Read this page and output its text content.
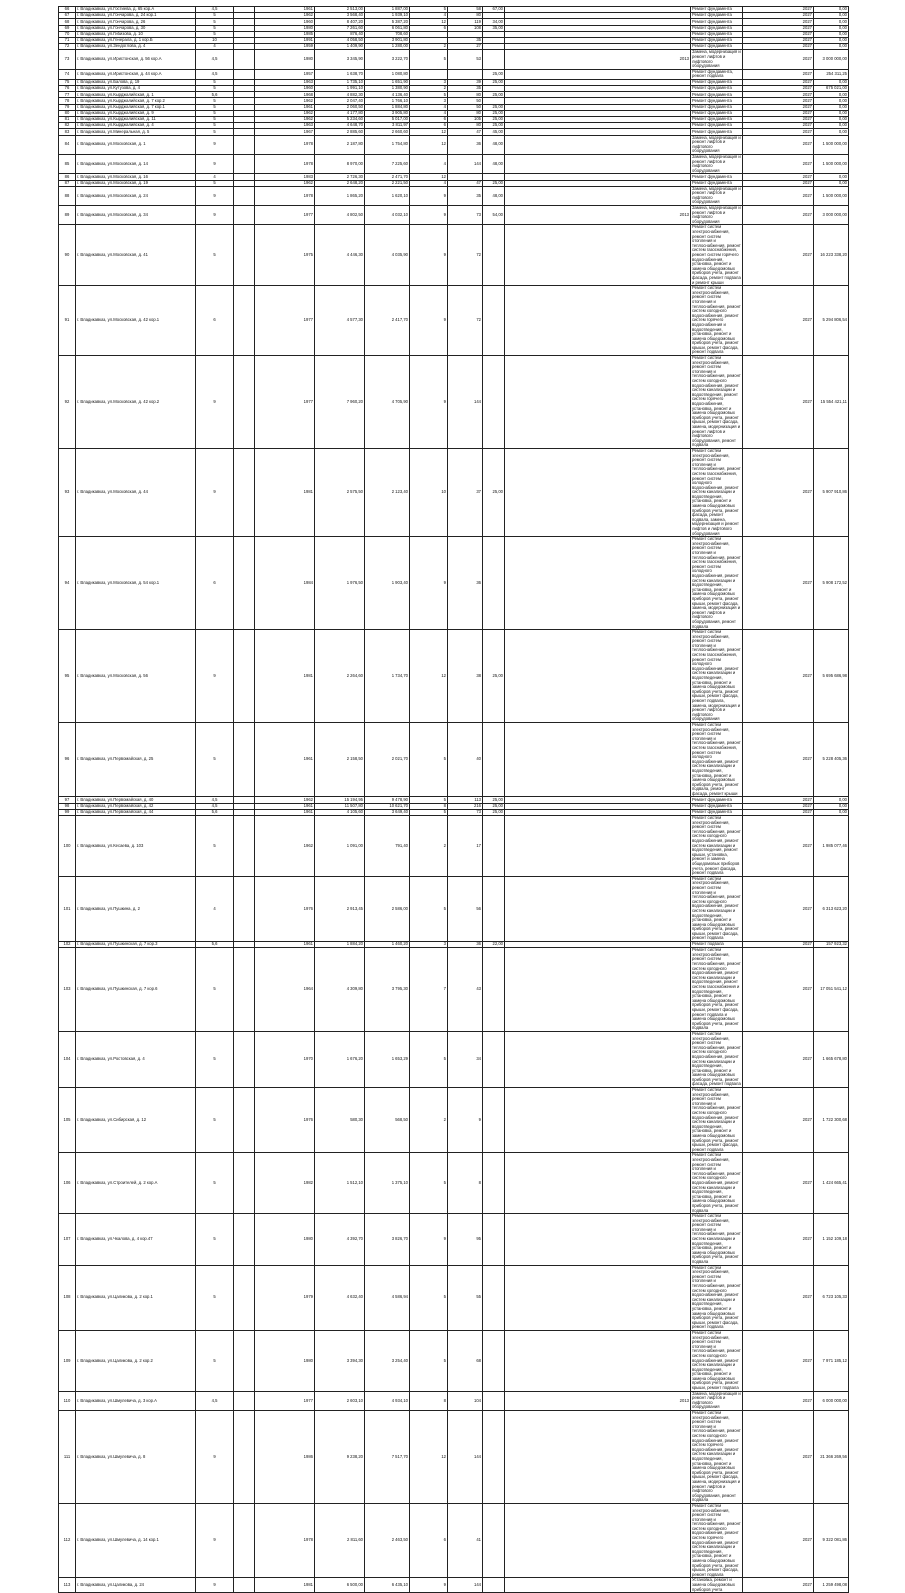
66	г. Владикавказ, ул.Гостиева, д. 65 кор.А	4,5		1961	2 513,00	1 887,00	5	58	67,00		Ремонт фундамента	2027	0,00
67	г. Владикавказ, ул.Гончарова, д. 24 кор.1	5		1962	3 568,40	1 939,10	4	80			Ремонт фундамента	2027	0,00
68	г. Владикавказ, ул.Гончарова, д. 26	5		1960	8 407,20	5 387,20	12	119	34,00		Ремонт фундамента	2027	0,00
69	г. Владикавказ, ул.Гончарова, д. 30	5		1980	7 261,60	6 061,80	6	108	35,00		Ремонт фундамента	2027	0,00
70	г. Владикавказ, ул.Гибизова, д. 10	5		1985	876,40	708,60					Ремонт фундамента	2027	0,00
71	г. Владикавказ, ул.Генерала, д. 1 кор.Б	10		1991	4 058,50	3 901,80		35			Ремонт фундамента	2027	0,00
72	г. Владикавказ, ул.Зендоглова, д. 4	4		1959	1 409,90	1 280,00	2	27			Ремонт фундамента	2027	0,00
73	г. Владикавказ, ул.Иристонская, д. 56 кор.А	4,5		1980	3 345,90	3 222,70	5	53		2013	Замена, модернизация и ремонт лифтов и лифтового оборудования	2027	3 000 000,00
74	г. Владикавказ, ул.Иристонская, д. 44 кор.А	4,5		1957	1 638,70	1 080,80			25,00		Ремонт фундамента, ремонт подвала	2027	254 311,25
75	г. Владикавказ, ул.Балова, д. 19	5		1963	1 735,10	1 651,90	3	39	25,00		Ремонт фундамента	2027	0,00
76	г. Владикавказ, ул.Кутузова, д. 4	5		1960	1 991,10	1 380,90	2	35			Ремонт фундамента	2027	675 021,00
77	г. Владикавказ, ул.Кырджалийская, д. 1	5,6		1968	4 882,30	4 136,40	5	80	25,00		Ремонт фундамента	2027	0,00
78	г. Владикавказ, ул.Кырджалийская, д. 7 кор.2	5		1962	2 047,40	1 766,10	3	50			Ремонт фундамента	2027	0,00
79	г. Владикавказ, ул.Кырджалийская, д. 7 кор.1	5		1961	2 060,50	1 884,80	4	50	25,00		Ремонт фундамента	2027	0,00
80	г. Владикавказ, ул.Кырджалийская, д. 9	5		1962	4 177,80	3 905,80	4	80	25,00		Ремонт фундамента	2027	0,00
81	г. Владикавказ, ул.Кырджалийская, д. 11	5		1962	5 234,60	5 017,00	6	105	25,00		Ремонт фундамента	2027	0,00
82	г. Владикавказ, ул.Кырджалийская, д. 4	5		1963	4 648,70	3 811,97	6	80	25,00		Ремонт фундамента	2027	0,00
83	г. Владикавказ, ул.Минеральная, д. 5	5		1967	2 885,60	2 660,60	12	47	45,00		Ремонт фундамента	2027	0,00
84	г. Владикавказ, ул.Московская, д. 1	9		1978	2 187,80	1 754,80	12	36	48,00		Замена, модернизация и ремонт лифтов и лифтового оборудования	2027	1 500 000,00
85	г. Владикавказ, ул.Московская, д. 14	9		1978	8 970,00	7 225,60	4	144	48,00		Замена, модернизация и ремонт лифтов и лифтового оборудования	2027	1 500 000,00
86	г. Владикавказ, ул.Московская, д. 16	4		1983	2 726,30	2 471,70	12				Ремонт фундамента	2027	0,00
87	г. Владикавказ, ул.Московская, д. 19	5		1962	2 648,20	2 221,50	4	47	25,00		Ремонт фундамента	2027	0,00
88	г. Владикавказ, ул.Московская, д. 24	9		1978	1 865,20	1 620,10	9	35	48,00		Замена, модернизация и ремонт лифтов и лифтового оборудования	2027	1 500 000,00
89	г. Владикавказ, ул.Московская, д. 34	9		1977	4 802,50	4 032,10	9	73	54,00	2013	Замена, модернизация и ремонт лифтов и лифтового оборудования	2027	3 000 000,00
90	г. Владикавказ, ул.Московская, д. 41	5		1975	4 446,30	4 035,90	9	72			Ремонт систем электроснабжения, ремонт систем отопления и теплоснабжения, ремонт систем газоснабжения, ремонт систем горячего водоснабжения, установка, ремонт и замена общедомовых приборов учета, ремонт фасада, ремонт подвала и ремонт крыши	2027	16 223 338,20
91	г. Владикавказ, ул.Московская, д. 42 кор.1	6		1977	4 577,30	2 417,70	9	72			Ремонт систем электроснабжения, ремонт систем отопления и теплоснабжения, ремонт систем холодного водоснабжения, ремонт систем горячего водоснабжения и водоотведения, установка, ремонт и замена общедомовых приборов учета, ремонт крыши, ремонт фасада, ремонт подвала	2027	5 294 806,54
92	г. Владикавказ, ул.Московская, д. 42 кор.2	9		1977	7 960,20	4 705,90	9	144			Ремонт систем электроснабжения, ремонт систем отопления и теплоснабжения, ремонт систем холодного водоснабжения, ремонт систем канализации и водоотведения, ремонт систем горячего водоснабжения, установка, ремонт и замена общедомовых приборов учета, ремонт крыши, ремонт фасада, замена, модернизация и ремонт лифтов и лифтового оборудования, ремонт подвала	2027	15 554 421,11
93	г. Владикавказ, ул.Московская, д. 44	9		1981	2 575,50	2 123,40	10	37	25,00		Ремонт систем электроснабжения, ремонт систем отопления и теплоснабжения, ремонт систем газоснабжения, ремонт систем холодного водоснабжения, ремонт систем канализации и водоотведения, установка, ремонт и замена общедомовых приборов учета, ремонт фасада, ремонт подвала, замена, модернизация и ремонт лифтов и лифтового оборудования	2027	5 907 910,86
94	г. Владикавказ, ул.Московская, д. 54 кор.1	6		1984	1 976,50	1 903,40	9	36			Ремонт систем электроснабжения, ремонт систем отопления и теплоснабжения, ремонт систем газоснабжения, ремонт систем холодного водоснабжения, ремонт систем канализации и водоотведения, установка, ремонт и замена общедомовых приборов учета, ремонт крыши, ремонт фасада, замена, модернизация и ремонт лифтов и лифтового оборудования, ремонт подвала	2027	5 908 172,52
95	г. Владикавказ, ул.Московская, д. 56	9		1981	2 264,60	1 734,70	12	38	25,00		Ремонт систем электроснабжения, ремонт систем отопления и теплоснабжения, ремонт систем газоснабжения, ремонт систем холодного водоснабжения, ремонт систем канализации и водоотведения, установка, ремонт и замена общедомовых приборов учета, ремонт крыши, ремонт фасада, ремонт подвала, замена, модернизация и ремонт лифтов и лифтового оборудования	2027	5 695 686,98
96	г. Владикавказ, ул.Первомайская, д. 25	5		1961	2 158,50	2 021,70	5	40			Ремонт систем электроснабжения, ремонт систем отопления и теплоснабжения, ремонт систем газоснабжения, ремонт систем холодного водоснабжения, ремонт систем канализации и водоотведения, установка, ремонт и замена общедомовых приборов учета, ремонт подвала, ремонт фасада, ремонт крыши	2027	5 228 405,36
97	г. Владикавказ, ул.Первомайская, д. 40	4,5		1962	15 194,95	9 478,90	5	113	25,00		Ремонт фундамента	2027	0,00
98	г. Владикавказ, ул.Первомайская, д. 42	4,5		1961	11 507,80	10 621,70	8	216	25,00		Ремонт фундамента	2027	0,00
99	г. Владикавказ, ул.Первомайская, д. 44	5,6		1961	4 105,60	3 649,40	5	73	25,00		Ремонт фундамента	2027	0,00
100	г. Владикавказ, ул.Кесаева, д. 103	5		1962	1 091,00	791,40	2	17			Ремонт систем электроснабжения, ремонт систем теплоснабжения, ремонт систем холодного водоснабжения, ремонт систем канализации и водоотведения, ремонт крыши, установка, ремонт и замена общедомовых приборов учета, ремонт фасада, ремонт подвала	2027	1 985 077,46
101	г. Владикавказ, ул.Пушкина, д. 2	4		1976	2 913,45	2 586,00	5	56			Ремонт систем электроснабжения, ремонт систем отопления и теплоснабжения, ремонт систем холодного водоснабжения, ремонт систем канализации и водоотведения, установка, ремонт и замена общедомовых приборов учета, ремонт крыши, ремонт фасада, ремонт подвала	2027	6 313 623,20
102	г. Владикавказ, ул.Пушкинская, д. 7 кор.3	5,6		1961	1 884,20	1 460,20	3	36	22,00		Ремонт подвала	2027	157 923,32
103	г. Владикавказ, ул.Пушкинская, д. 7 кор.6	5		1964	4 309,80	3 795,30	7	43			Ремонт систем электроснабжения, ремонт систем теплоснабжения, ремонт систем холодного водоснабжения, ремонт систем канализации и водоотведения, ремонт систем газоснабжения и водоотведения, установка, ремонт и замена общедомовых приборов учета, ремонт крыши, ремонт фасада, ремонт подвала и замена общедомовых приборов учета, ремонт подвала	2027	17 051 541,12
104	г. Владикавказ, ул.Ростовская, д. 4	5		1970	1 676,20	1 653,29	5	34			Ремонт систем электроснабжения, ремонт систем теплоснабжения, ремонт систем холодного водоснабжения, ремонт систем канализации и водоотведения, установка, ремонт и замена общедомовых приборов учета, ремонт фасада, ремонт подвала	2027	1 665 678,80
105	г. Владикавказ, ул.Сибирская, д. 12	5		1976	580,30	568,50	2	9			Ремонт систем электроснабжения, ремонт систем отопления и теплоснабжения, ремонт систем холодного водоснабжения, ремонт систем канализации и водоотведения, установка, ремонт и замена общедомовых приборов учета, ремонт крыши, ремонт фасада, ремонт подвала	2027	1 722 300,68
106	г. Владикавказ, ул.Строителей, д. 2 кор.А	5		1982	1 512,10	1 375,10	5	8			Ремонт систем электроснабжения, ремонт систем отопления и теплоснабжения, ремонт систем холодного водоснабжения, ремонт систем канализации и водоотведения, установка, ремонт и замена общедомовых приборов учета, ремонт подвала	2027	1 424 665,41
107	г. Владикавказ, ул.Чкалова, д. 4 кор.47	5		1980	4 392,70	3 826,70	9	95			Ремонт систем электроснабжения, ремонт систем отопления и теплоснабжения, ремонт систем канализации и водоотведения, установка, ремонт и замена общедомовых приборов учета, ремонт подвала	2027	1 152 109,18
108	г. Владикавказ, ул.Цаликова, д. 2 кор.1	5		1979	4 632,40	4 586,94	5	55			Ремонт систем электроснабжения, ремонт систем отопления и теплоснабжения, ремонт систем холодного водоснабжения, ремонт систем канализации и водоотведения, установка, ремонт и замена общедомовых приборов учета, ремонт крыши, ремонт фасада, ремонт подвала	2027	6 723 105,33
109	г. Владикавказ, ул.Цаликова, д. 2 кор.2	5		1980	3 394,30	3 254,40	5	68			Ремонт систем электроснабжения, ремонт систем отопления и теплоснабжения, ремонт систем холодного водоснабжения, ремонт систем канализации и водоотведения, установка, ремонт и замена общедомовых приборов учета, ремонт крыши, ремонт подвала	2027	7 971 185,12
110	г. Владикавказ, ул.Шмулевича, д. 3 кор.А	4,5		1977	2 603,10	4 934,10	8	104		2013	Замена, модернизация и ремонт лифтов и лифтового оборудования	2027	6 000 000,00
111	г. Владикавказ, ул.Шмулевича, д. 8	9		1986	9 238,20	7 517,70	12	144			Ремонт систем электроснабжения, ремонт систем отопления и теплоснабжения, ремонт систем холодного водоснабжения, ремонт систем горячего водоснабжения, ремонт систем канализации и водоотведения, установка, ремонт и замена общедомовых приборов учета, ремонт крыши, ремонт фасада, замена, модернизация и ремонт лифтов и лифтового оборудования, ремонт подвала	2027	21 366 269,56
112	г. Владикавказ, ул.Шмулевича, д. 14 кор.1	9		1978	2 811,60	2 463,50	6	41			Ремонт систем электроснабжения, ремонт систем отопления и теплоснабжения, ремонт систем холодного водоснабжения, ремонт систем горячего водоснабжения, ремонт систем канализации и водоотведения, установка, ремонт и замена общедомовых приборов учета, ремонт крыши, ремонт фасада, ремонт подвала	2027	9 322 081,86
113	г. Владикавказ, ул.Цаликова, д. 24	9		1981	6 500,00	6 435,10	9	144			Установка, ремонт и замена общедомовых приборов учета	2027	1 259 498,08
